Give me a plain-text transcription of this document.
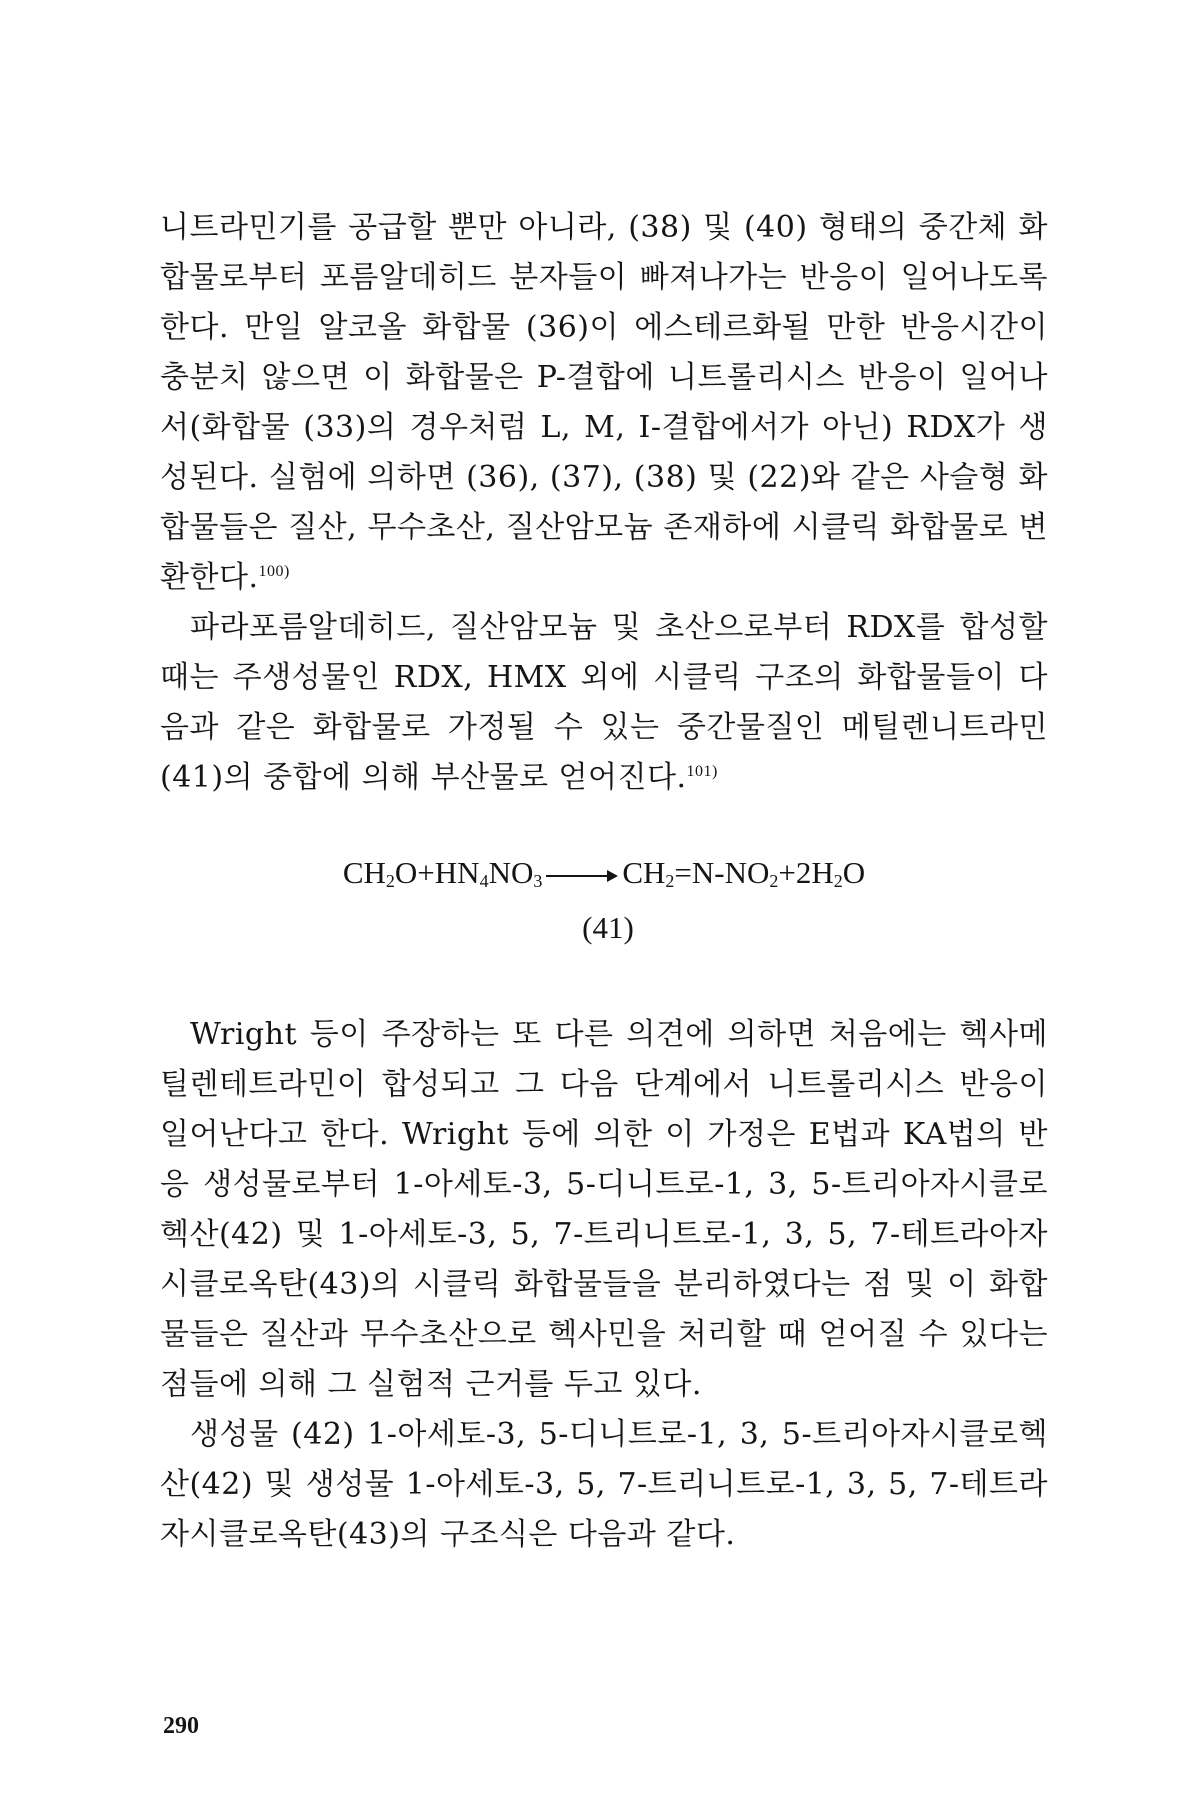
니트라민기를 공급할 뿐만 아니라, (38) 및 (40) 형태의 중간체 화합물로부터 포름알데히드 분자들이 빠져나가는 반응이 일어나도록 한다. 만일 알코올 화합물 (36)이 에스테르화될 만한 반응시간이 충분치 않으면 이 화합물은 P-결합에 니트롤리시스 반응이 일어나서(화합물 (33)의 경우처럼 L, M, I-결합에서가 아닌) RDX가 생성된다. 실험에 의하면 (36), (37), (38) 및 (22)와 같은 사슬형 화합물들은 질산, 무수초산, 질산암모늄 존재하에 시클릭 화합물로 변환한다.$^{100)}$

파라포름알데히드, 질산암모늄 및 초산으로부터 RDX를 합성할 때는 주생성물인 RDX, HMX 외에 시클릭 구조의 화합물들이 다음과 같은 화합물로 가정될 수 있는 중간물질인 메틸렌니트라민 (41)의 중합에 의해 부산물로 얻어진다.$^{101)}$

$CH_2O+HN_4NO_3 \to CH_2=N-NO_2+2H_2O$
(41)

Wright 등이 주장하는 또 다른 의견에 의하면 처음에는 헥사메틸렌테트라민이 합성되고 그 다음 단계에서 니트롤리시스 반응이 일어난다고 한다. Wright 등에 의한 이 가정은 E법과 KA법의 반응 생성물로부터 1-아세토-3, 5-디니트로-1, 3, 5-트리아자시클로헥산(42) 및 1-아세토-3, 5, 7-트리니트로-1, 3, 5, 7-테트라아자시클로옥탄(43)의 시클릭 화합물들을 분리하였다는 점 및 이 화합물들은 질산과 무수초산으로 헥사민을 처리할 때 얻어질 수 있다는 점들에 의해 그 실험적 근거를 두고 있다.

생성물 (42) 1-아세토-3, 5-디니트로-1, 3, 5-트리아자시클로헥산(42) 및 생성물 1-아세토-3, 5, 7-트리니트로-1, 3, 5, 7-테트라자시클로옥탄(43)의 구조식은 다음과 같다.

290
